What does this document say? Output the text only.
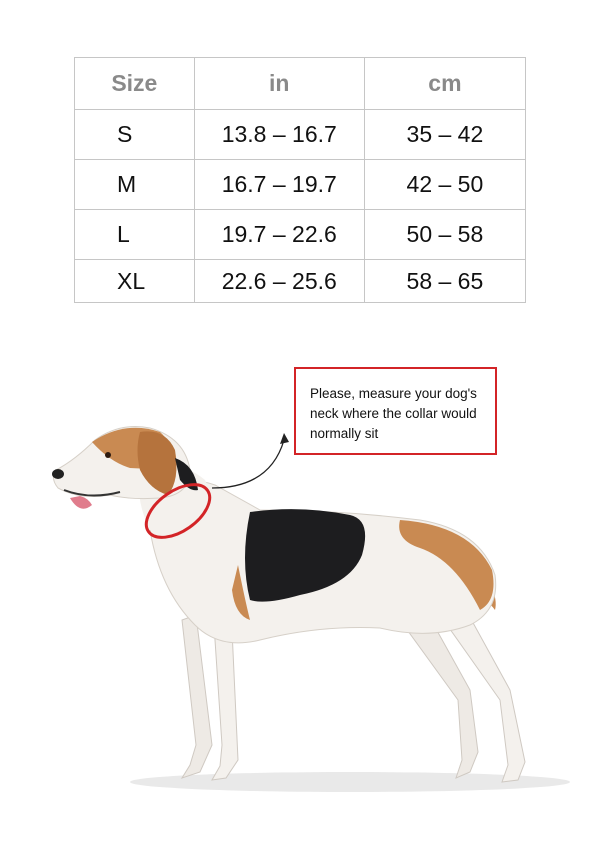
Size	in	cm
S	13.8 – 16.7	35 – 42
M	16.7 – 19.7	42 – 50
L	19.7 – 22.6	50 – 58
XL	22.6 – 25.6	58 – 65
Please, measure your dog's neck where the collar would normally sit
